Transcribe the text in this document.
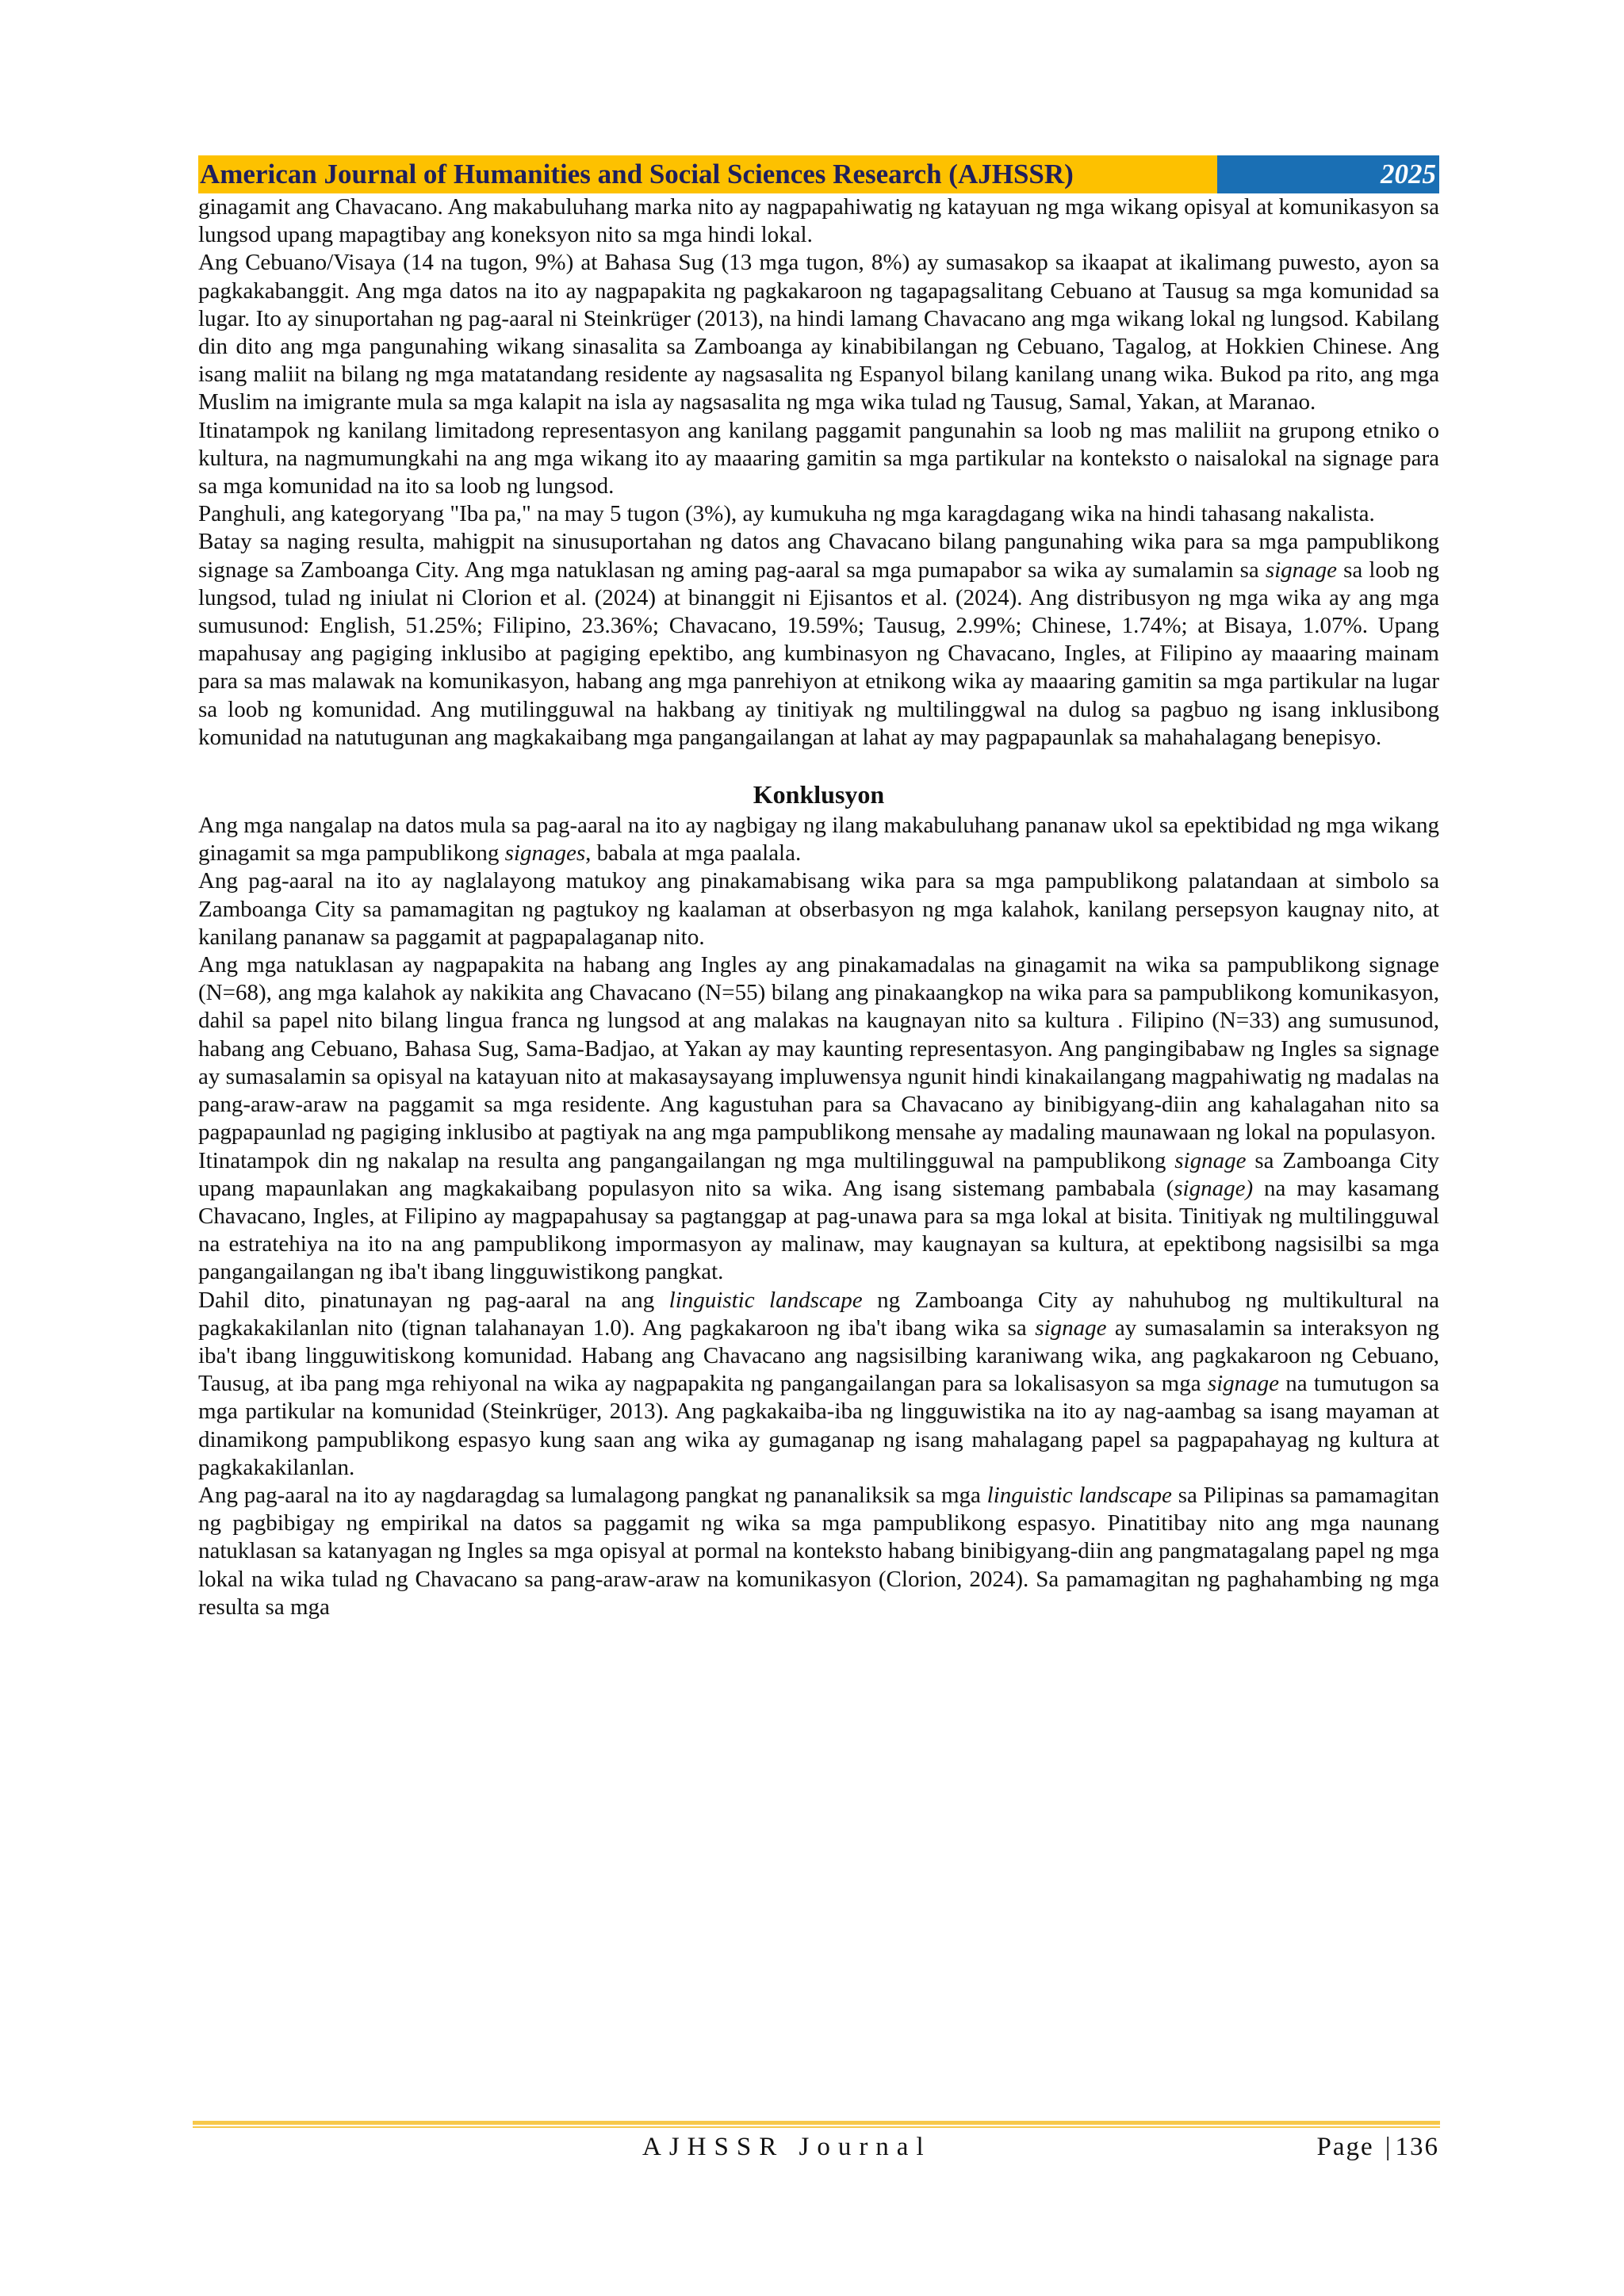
American Journal of Humanities and Social Sciences Research (AJHSSR)	2025

ginagamit ang Chavacano. Ang makabuluhang marka nito ay nagpapahiwatig ng katayuan ng mga wikang opisyal at komunikasyon sa lungsod upang mapagtibay ang koneksyon nito sa mga hindi lokal.

Ang Cebuano/Visaya (14 na tugon, 9%) at Bahasa Sug (13 mga tugon, 8%) ay sumasakop sa ikaapat at ikalimang puwesto, ayon sa pagkakabanggit. Ang mga datos na ito ay nagpapakita ng pagkakaroon ng tagapagsalitang Cebuano at Tausug sa mga komunidad sa lugar. Ito ay sinuportahan ng pag-aaral ni Steinkrüger (2013), na hindi lamang Chavacano ang mga wikang lokal ng lungsod. Kabilang din dito ang mga pangunahing wikang sinasalita sa Zamboanga ay kinabibilangan ng Cebuano, Tagalog, at Hokkien Chinese. Ang isang maliit na bilang ng mga matatandang residente ay nagsasalita ng Espanyol bilang kanilang unang wika. Bukod pa rito, ang mga Muslim na imigrante mula sa mga kalapit na isla ay nagsasalita ng mga wika tulad ng Tausug, Samal, Yakan, at Maranao.

Itinatampok ng kanilang limitadong representasyon ang kanilang paggamit pangunahin sa loob ng mas maliliit na grupong etniko o kultura, na nagmumungkahi na ang mga wikang ito ay maaaring gamitin sa mga partikular na konteksto o naisalokal na signage para sa mga komunidad na ito sa loob ng lungsod.

Panghuli, ang kategoryang "Iba pa," na may 5 tugon (3%), ay kumukuha ng mga karagdagang wika na hindi tahasang nakalista.

Batay sa naging resulta, mahigpit na sinusuportahan ng datos ang Chavacano bilang pangunahing wika para sa mga pampublikong signage sa Zamboanga City. Ang mga natuklasan ng aming pag-aaral sa mga pumapabor sa wika ay sumalamin sa signage sa loob ng lungsod, tulad ng iniulat ni Clorion et al. (2024) at binanggit ni Ejisantos et al. (2024). Ang distribusyon ng mga wika ay ang mga sumusunod: English, 51.25%; Filipino, 23.36%; Chavacano, 19.59%; Tausug, 2.99%; Chinese, 1.74%; at Bisaya, 1.07%. Upang mapahusay ang pagiging inklusibo at pagiging epektibo, ang kumbinasyon ng Chavacano, Ingles, at Filipino ay maaaring mainam para sa mas malawak na komunikasyon, habang ang mga panrehiyon at etnikong wika ay maaaring gamitin sa mga partikular na lugar sa loob ng komunidad. Ang mutilingguwal na hakbang ay tinitiyak ng multilinggwal na dulog sa pagbuo ng isang inklusibong komunidad na natutugunan ang magkakaibang mga pangangailangan at lahat ay may pagpapaunlak sa mahahalagang benepisyo.

Konklusyon

Ang mga nangalap na datos mula sa pag-aaral na ito ay nagbigay ng ilang makabuluhang pananaw ukol sa epektibidad ng mga wikang ginagamit sa mga pampublikong signages, babala at mga paalala.

Ang pag-aaral na ito ay naglalayong matukoy ang pinakamabisang wika para sa mga pampublikong palatandaan at simbolo sa Zamboanga City sa pamamagitan ng pagtukoy ng kaalaman at obserbasyon ng mga kalahok, kanilang persepsyon kaugnay nito, at kanilang pananaw sa paggamit at pagpapalaganap nito.

Ang mga natuklasan ay nagpapakita na habang ang Ingles ay ang pinakamadalas na ginagamit na wika sa pampublikong signage (N=68), ang mga kalahok ay nakikita ang Chavacano (N=55) bilang ang pinakaangkop na wika para sa pampublikong komunikasyon, dahil sa papel nito bilang lingua franca ng lungsod at ang malakas na kaugnayan nito sa kultura . Filipino (N=33) ang sumusunod, habang ang Cebuano, Bahasa Sug, Sama-Badjao, at Yakan ay may kaunting representasyon. Ang pangingibabaw ng Ingles sa signage ay sumasalamin sa opisyal na katayuan nito at makasaysayang impluwensya ngunit hindi kinakailangang magpahiwatig ng madalas na pang-araw-araw na paggamit sa mga residente. Ang kagustuhan para sa Chavacano ay binibigyang-diin ang kahalagahan nito sa pagpapaunlad ng pagiging inklusibo at pagtiyak na ang mga pampublikong mensahe ay madaling maunawaan ng lokal na populasyon.

Itinatampok din ng nakalap na resulta ang pangangailangan ng mga multilingguwal na pampublikong signage sa Zamboanga City upang mapaunlakan ang magkakaibang populasyon nito sa wika. Ang isang sistemang pambabala (signage) na may kasamang Chavacano, Ingles, at Filipino ay magpapahusay sa pagtanggap at pag-unawa para sa mga lokal at bisita. Tinitiyak ng multilingguwal na estratehiya na ito na ang pampublikong impormasyon ay malinaw, may kaugnayan sa kultura, at epektibong nagsisilbi sa mga pangangailangan ng iba't ibang lingguwistikong pangkat.

Dahil dito, pinatunayan ng pag-aaral na ang linguistic landscape ng Zamboanga City ay nahuhubog ng multikultural na pagkakakilanlan nito (tignan talahanayan 1.0). Ang pagkakaroon ng iba't ibang wika sa signage ay sumasalamin sa interaksyon ng iba't ibang lingguwitiskong komunidad. Habang ang Chavacano ang nagsisilbing karaniwang wika, ang pagkakaroon ng Cebuano, Tausug, at iba pang mga rehiyonal na wika ay nagpapakita ng pangangailangan para sa lokalisasyon sa mga signage na tumutugon sa mga partikular na komunidad (Steinkrüger, 2013). Ang pagkakaiba-iba ng lingguwistika na ito ay nag-aambag sa isang mayaman at dinamikong pampublikong espasyo kung saan ang wika ay gumaganap ng isang mahalagang papel sa pagpapahayag ng kultura at pagkakakilanlan.

Ang pag-aaral na ito ay nagdaragdag sa lumalagong pangkat ng pananaliksik sa mga linguistic landscape sa Pilipinas sa pamamagitan ng pagbibigay ng empirikal na datos sa paggamit ng wika sa mga pampublikong espasyo. Pinatitibay nito ang mga naunang natuklasan sa katanyagan ng Ingles sa mga opisyal at pormal na konteksto habang binibigyang-diin ang pangmatagalang papel ng mga lokal na wika tulad ng Chavacano sa pang-araw-araw na komunikasyon (Clorion, 2024). Sa pamamagitan ng paghahambing ng mga resulta sa mga

AJHSSR Journal	Page | 136
